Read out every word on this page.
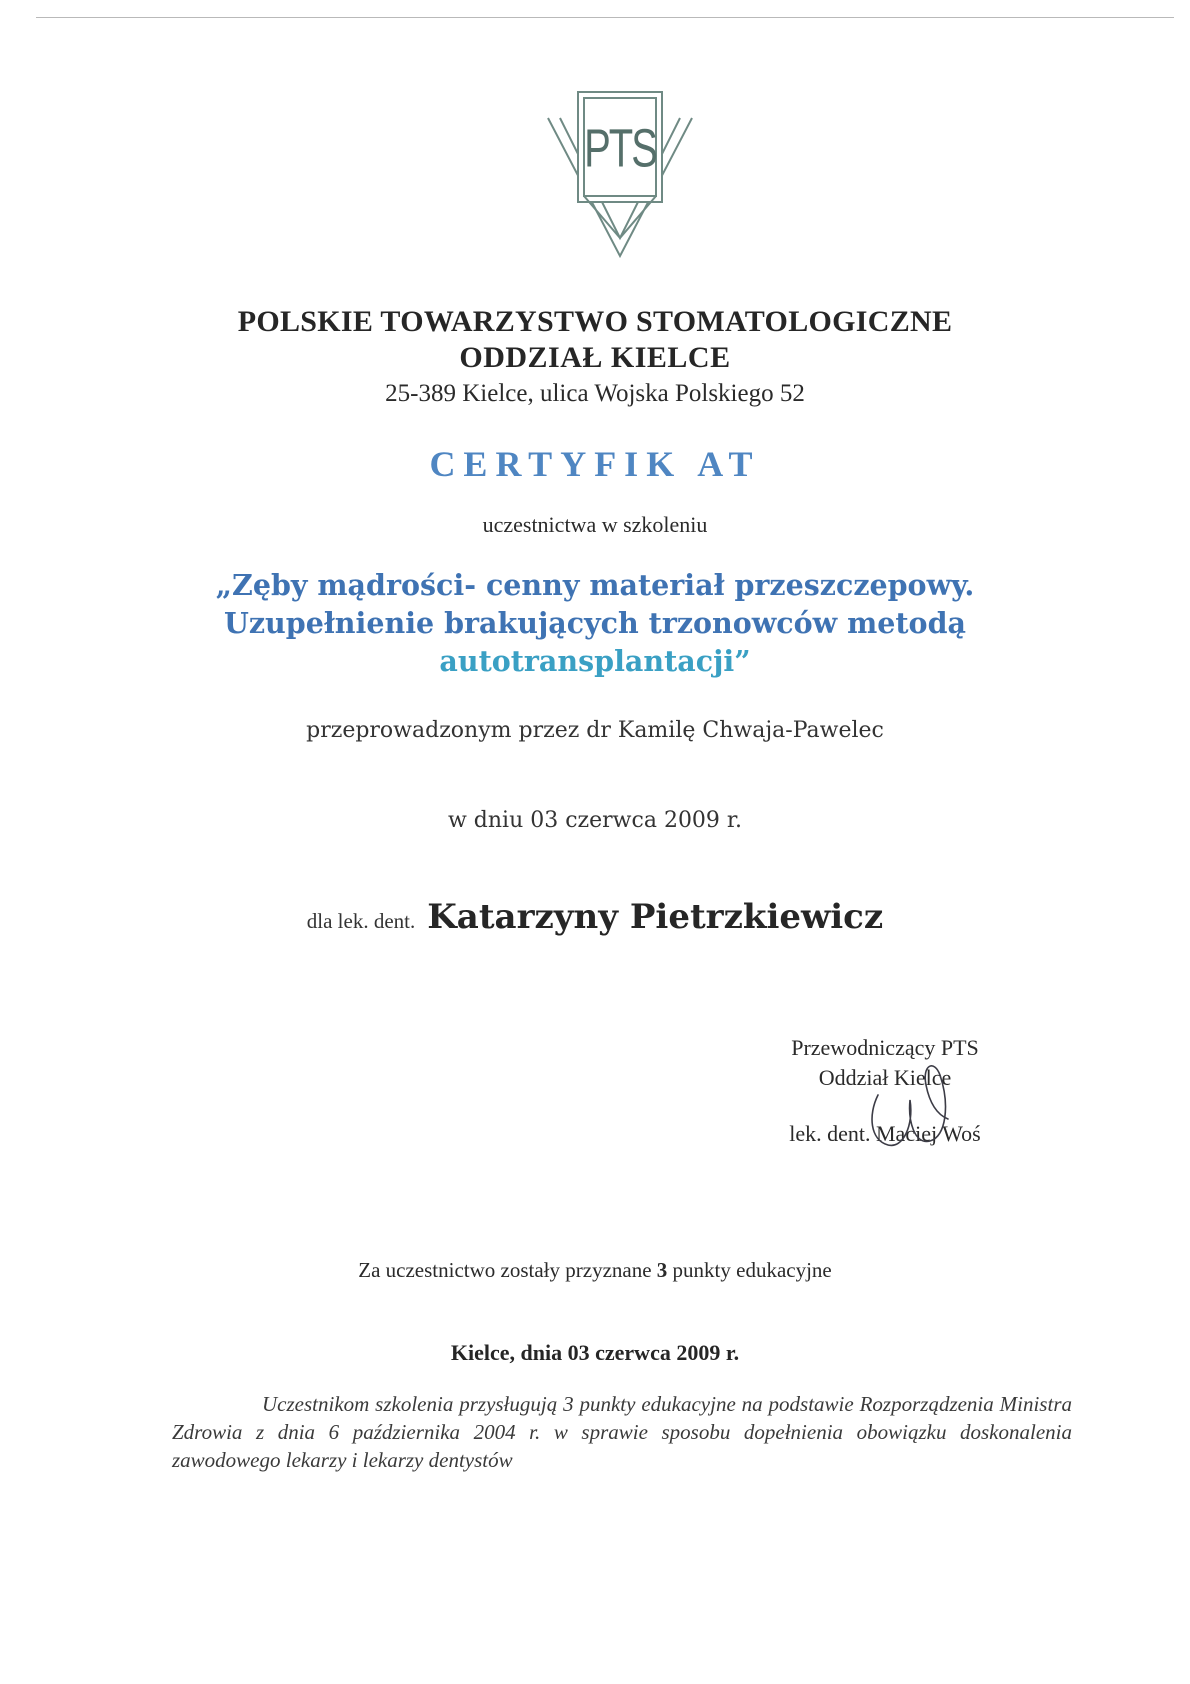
PTS
POLSKIE TOWARZYSTWO STOMATOLOGICZNE
ODDZIAŁ KIELCE
25-389 Kielce, ulica Wojska Polskiego 52
CERTYFIK AT
uczestnictwa w szkoleniu
„Zęby mądrości- cenny materiał przeszczepowy.
Uzupełnienie brakujących trzonowców metodą
autotransplantacji”
przeprowadzonym przez dr Kamilę Chwaja-Pawelec
w dniu 03 czerwca 2009 r.
dla lek. dent. Katarzyny Pietrzkiewicz
Przewodniczący PTS
Oddział Kielce
lek. dent. Maciej Woś
Za uczestnictwo zostały przyznane 3 punkty edukacyjne
Kielce, dnia 03 czerwca 2009 r.
Uczestnikom szkolenia przysługują 3 punkty edukacyjne na podstawie Rozporządzenia Ministra Zdrowia z dnia 6 października 2004 r. w sprawie sposobu dopełnienia obowiązku doskonalenia zawodowego lekarzy i lekarzy dentystów
